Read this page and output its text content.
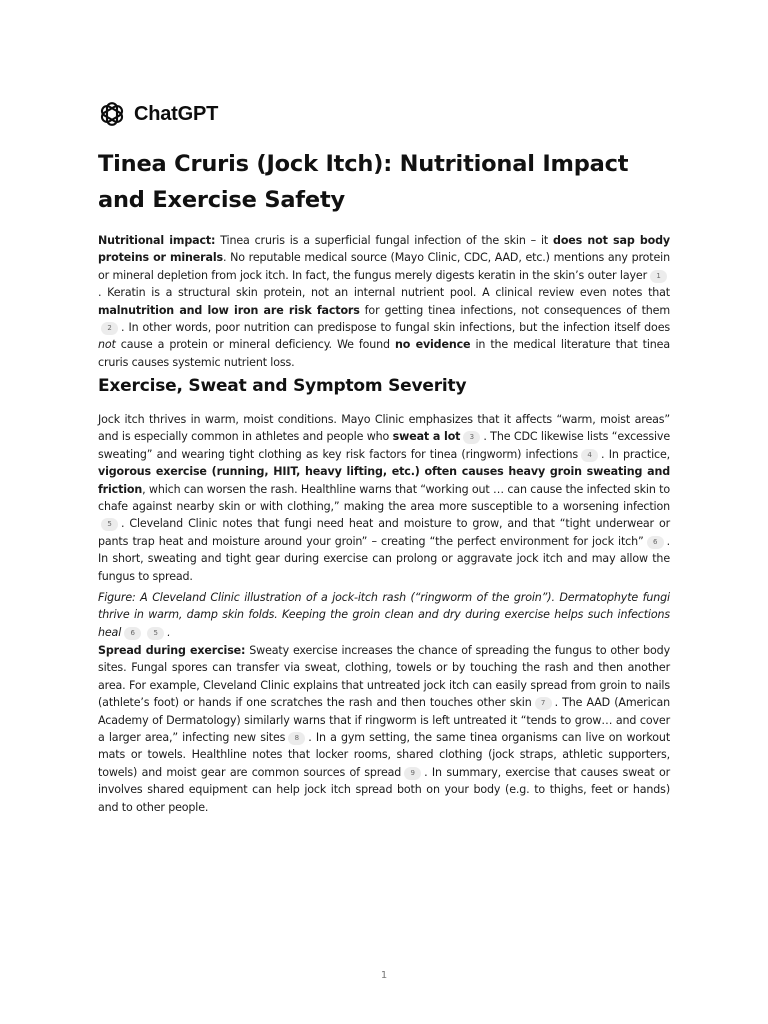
ChatGPT
Tinea Cruris (Jock Itch): Nutritional Impact and Exercise Safety

Nutritional impact: Tinea cruris is a superficial fungal infection of the skin – it does not sap body proteins or minerals. No reputable medical source (Mayo Clinic, CDC, AAD, etc.) mentions any protein or mineral depletion from jock itch. In fact, the fungus merely digests keratin in the skin’s outer layer 1. Keratin is a structural skin protein, not an internal nutrient pool. A clinical review even notes that malnutrition and low iron are risk factors for getting tinea infections, not consequences of them2 . In other words, poor nutrition can predispose to fungal skin infections, but the infection itself does not cause a protein or mineral deficiency. We found no evidence in the medical literature that tinea cruris causes systemic nutrient loss.

Exercise, Sweat and Symptom Severity

Jock itch thrives in warm, moist conditions. Mayo Clinic emphasizes that it affects “warm, moist areas” and is especially common in athletes and people who sweat a lot 3 . The CDC likewise lists “excessive sweating” and wearing tight clothing as key risk factors for tinea (ringworm) infections 4 . In practice, vigorous exercise (running, HIIT, heavy lifting, etc.) often causes heavy groin sweating and friction, which can worsen the rash. Healthline warns that “working out … can cause the infected skin to chafe against nearby skin or with clothing,” making the area more susceptible to a worsening infection5 . Cleveland Clinic notes that fungi need heat and moisture to grow, and that “tight underwear or pants trap heat and moisture around your groin” – creating “the perfect environment for jock itch” 6 . In short, sweating and tight gear during exercise can prolong or aggravate jock itch and may allow the fungus to spread.

Figure: A Cleveland Clinic illustration of a jock-itch rash (“ringworm of the groin”). Dermatophyte fungi thrive in warm, damp skin folds. Keeping the groin clean and dry during exercise helps such infections heal 6	5 .

Spread during exercise: Sweaty exercise increases the chance of spreading the fungus to other body sites. Fungal spores can transfer via sweat, clothing, towels or by touching the rash and then another area. For example, Cleveland Clinic explains that untreated jock itch can easily spread from groin to nails (athlete’s foot) or hands if one scratches the rash and then touches other skin 7 . The AAD (American Academy of Dermatology) similarly warns that if ringworm is left untreated it “tends to grow… and cover a larger area,” infecting new sites 8 . In a gym setting, the same tinea organisms can live on workout mats or towels. Healthline notes that locker rooms, shared clothing (jock straps, athletic supporters, towels) and moist gear are common sources of spread 9 . In summary, exercise that causes sweat or involves shared equipment can help jock itch spread both on your body (e.g. to thighs, feet or hands) and to other people.

1
